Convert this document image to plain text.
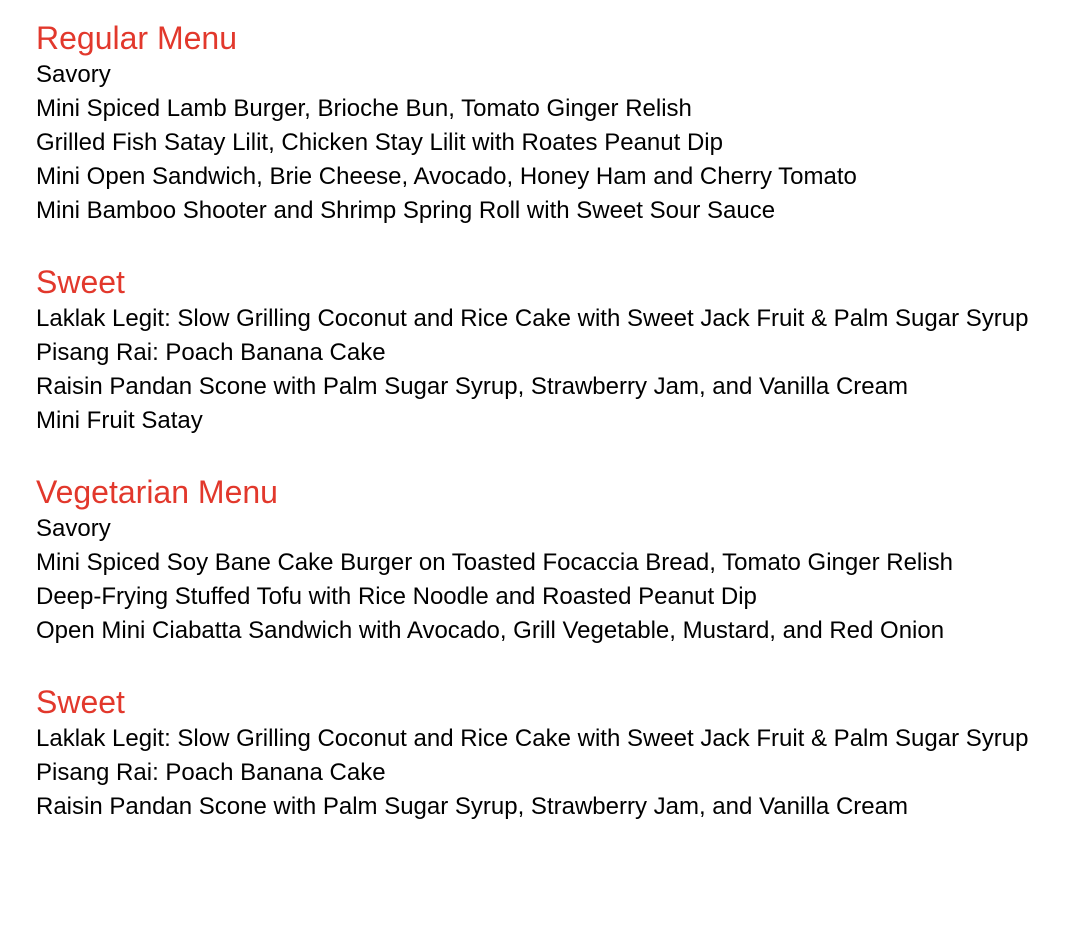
Regular Menu

Savory

Mini Spiced Lamb Burger, Brioche Bun, Tomato Ginger Relish
Grilled Fish Satay Lilit, Chicken Stay Lilit with Roates Peanut Dip
Mini Open Sandwich, Brie Cheese, Avocado, Honey Ham and Cherry Tomato
Mini Bamboo Shooter and Shrimp Spring Roll with Sweet Sour Sauce
Sweet
Laklak Legit: Slow Grilling Coconut and Rice Cake with Sweet Jack Fruit & Palm Sugar Syrup
Pisang Rai: Poach Banana Cake
Raisin Pandan Scone with Palm Sugar Syrup, Strawberry Jam, and Vanilla Cream
Mini Fruit Satay
Vegetarian Menu

Savory

Mini Spiced Soy Bane Cake Burger on Toasted Focaccia Bread, Tomato Ginger Relish
Deep-Frying Stuffed Tofu with Rice Noodle and Roasted Peanut Dip
Open Mini Ciabatta Sandwich with Avocado, Grill Vegetable, Mustard, and Red Onion
Sweet
Laklak Legit: Slow Grilling Coconut and Rice Cake with Sweet Jack Fruit & Palm Sugar Syrup
Pisang Rai: Poach Banana Cake
Raisin Pandan Scone with Palm Sugar Syrup, Strawberry Jam, and Vanilla Cream
